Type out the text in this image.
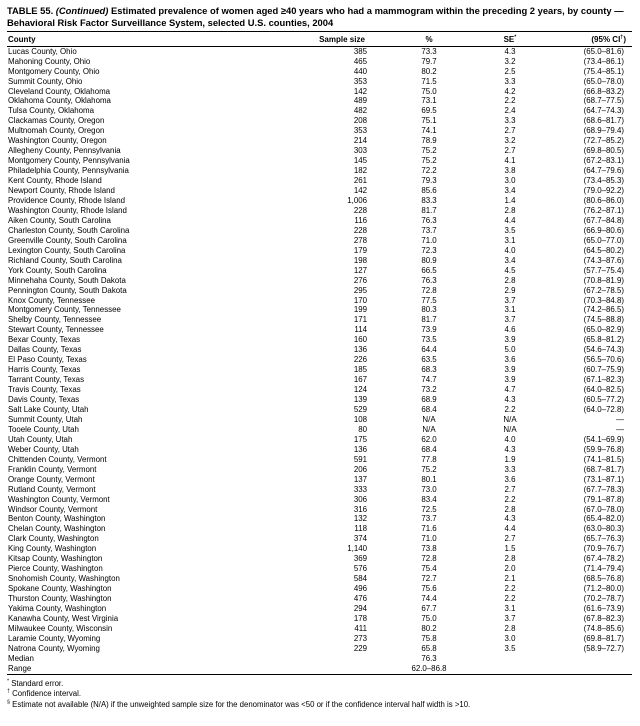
TABLE 55. (Continued) Estimated prevalence of women aged ≥40 years who had a mammogram within the preceding 2 years, by county — Behavioral Risk Factor Surveillance System, selected U.S. counties, 2004
County	Sample size	%	SE*	(95% CI†)
Lucas County, Ohio	385	73.3	4.3	(65.0–81.6)
Mahoning County, Ohio	465	79.7	3.2	(73.4–86.1)
Montgomery County, Ohio	440	80.2	2.5	(75.4–85.1)
Summit County, Ohio	353	71.5	3.3	(65.0–78.0)
Cleveland County, Oklahoma	142	75.0	4.2	(66.8–83.2)
Oklahoma County, Oklahoma	489	73.1	2.2	(68.7–77.5)
Tulsa County, Oklahoma	482	69.5	2.4	(64.7–74.3)
Clackamas County, Oregon	208	75.1	3.3	(68.6–81.7)
Multnomah County, Oregon	353	74.1	2.7	(68.9–79.4)
Washington County, Oregon	214	78.9	3.2	(72.7–85.2)
Allegheny County, Pennsylvania	303	75.2	2.7	(69.8–80.5)
Montgomery County, Pennsylvania	145	75.2	4.1	(67.2–83.1)
Philadelphia County, Pennsylvania	182	72.2	3.8	(64.7–79.6)
Kent County, Rhode Island	261	79.3	3.0	(73.4–85.3)
Newport County, Rhode Island	142	85.6	3.4	(79.0–92.2)
Providence County, Rhode Island	1,006	83.3	1.4	(80.6–86.0)
Washington County, Rhode Island	228	81.7	2.8	(76.2–87.1)
Aiken County, South Carolina	116	76.3	4.4	(67.7–84.8)
Charleston County, South Carolina	228	73.7	3.5	(66.9–80.6)
Greenville County, South Carolina	278	71.0	3.1	(65.0–77.0)
Lexington County, South Carolina	179	72.3	4.0	(64.5–80.2)
Richland County, South Carolina	198	80.9	3.4	(74.3–87.6)
York County, South Carolina	127	66.5	4.5	(57.7–75.4)
Minnehaha County, South Dakota	276	76.3	2.8	(70.8–81.9)
Pennington County, South Dakota	295	72.8	2.9	(67.2–78.5)
Knox County, Tennessee	170	77.5	3.7	(70.3–84.8)
Montgomery County, Tennessee	199	80.3	3.1	(74.2–86.5)
Shelby County, Tennessee	171	81.7	3.7	(74.5–88.8)
Stewart County, Tennessee	114	73.9	4.6	(65.0–82.9)
Bexar County, Texas	160	73.5	3.9	(65.8–81.2)
Dallas County, Texas	136	64.4	5.0	(54.6–74.3)
El Paso County, Texas	226	63.5	3.6	(56.5–70.6)
Harris County, Texas	185	68.3	3.9	(60.7–75.9)
Tarrant County, Texas	167	74.7	3.9	(67.1–82.3)
Travis County, Texas	124	73.2	4.7	(64.0–82.5)
Davis County, Texas	139	68.9	4.3	(60.5–77.2)
Salt Lake County, Utah	529	68.4	2.2	(64.0–72.8)
Summit County, Utah	108	N/A	N/A	—
Tooele County, Utah	80	N/A	N/A	—
Utah County, Utah	175	62.0	4.0	(54.1–69.9)
Weber County, Utah	136	68.4	4.3	(59.9–76.8)
Chittenden County, Vermont	591	77.8	1.9	(74.1–81.5)
Franklin County, Vermont	206	75.2	3.3	(68.7–81.7)
Orange County, Vermont	137	80.1	3.6	(73.1–87.1)
Rutland County, Vermont	333	73.0	2.7	(67.7–78.3)
Washington County, Vermont	306	83.4	2.2	(79.1–87.8)
Windsor County, Vermont	316	72.5	2.8	(67.0–78.0)
Benton County, Washington	132	73.7	4.3	(65.4–82.0)
Chelan County, Washington	118	71.6	4.4	(63.0–80.3)
Clark County, Washington	374	71.0	2.7	(65.7–76.3)
King County, Washington	1,140	73.8	1.5	(70.9–76.7)
Kitsap County, Washington	369	72.8	2.8	(67.4–78.2)
Pierce County, Washington	576	75.4	2.0	(71.4–79.4)
Snohomish County, Washington	584	72.7	2.1	(68.5–76.8)
Spokane County, Washington	496	75.6	2.2	(71.2–80.0)
Thurston County, Washington	476	74.4	2.2	(70.2–78.7)
Yakima County, Washington	294	67.7	3.1	(61.6–73.9)
Kanawha County, West Virginia	178	75.0	3.7	(67.8–82.3)
Milwaukee County, Wisconsin	411	80.2	2.8	(74.8–85.6)
Laramie County, Wyoming	273	75.8	3.0	(69.8–81.7)
Natrona County, Wyoming	229	65.8	3.5	(58.9–72.7)
Median		76.3		
Range		62.0–86.8		
* Standard error.
† Confidence interval.
§ Estimate not available (N/A) if the unweighted sample size for the denominator was <50 or if the confidence interval half width is >10.
